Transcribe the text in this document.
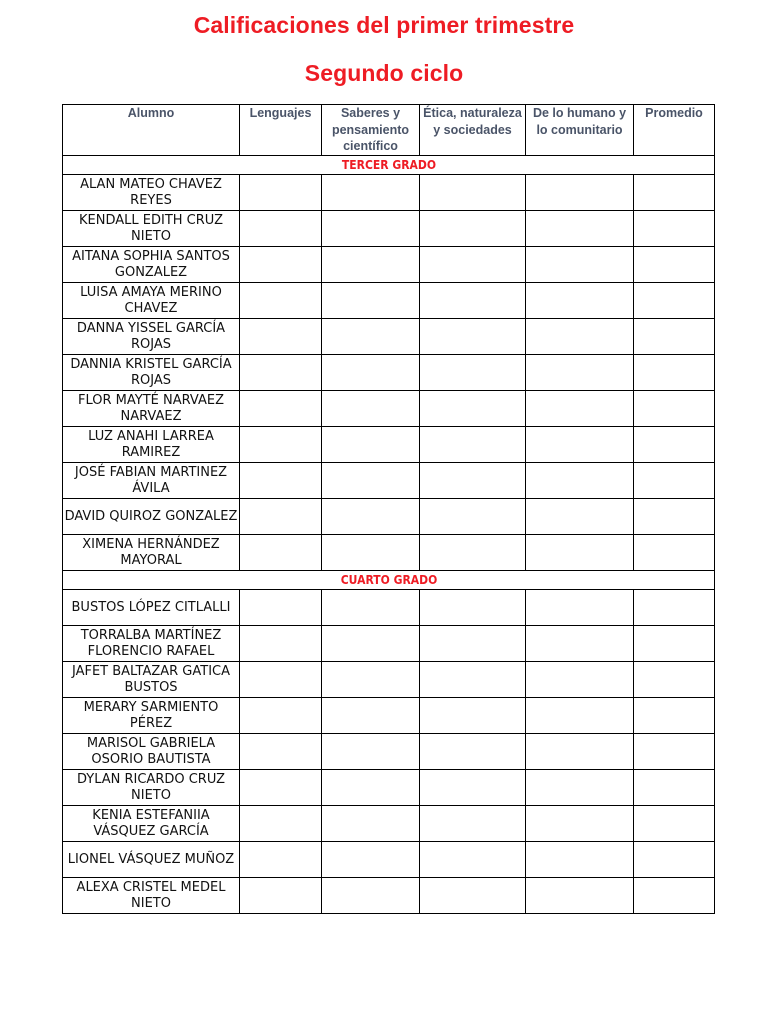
Calificaciones del primer trimestre
Segundo ciclo
Alumno	Lenguajes	Saberes y pensamiento científico	Ética, naturaleza y sociedades	De lo humano y lo comunitario	Promedio
TERCER GRADO					
ALAN MATEO CHAVEZ REYES					
KENDALL EDITH CRUZ NIETO					
AITANA SOPHIA SANTOS GONZALEZ					
LUISA AMAYA MERINO CHAVEZ					
DANNA YISSEL GARCÍA ROJAS					
DANNIA KRISTEL GARCÍA ROJAS					
FLOR MAYTÉ NARVAEZ NARVAEZ					
LUZ ANAHI LARREA RAMIREZ					
JOSÉ FABIAN MARTINEZ ÁVILA					
DAVID QUIROZ GONZALEZ					
XIMENA HERNÁNDEZ MAYORAL					
CUARTO GRADO					
BUSTOS LÓPEZ CITLALLI					
TORRALBA MARTÍNEZ FLORENCIO RAFAEL					
JAFET BALTAZAR GATICA BUSTOS					
MERARY SARMIENTO PÉREZ					
MARISOL GABRIELA OSORIO BAUTISTA					
DYLAN RICARDO CRUZ NIETO					
KENIA ESTEFANIIA VÁSQUEZ GARCÍA					
LIONEL VÁSQUEZ MUÑOZ					
ALEXA CRISTEL MEDEL NIETO					
